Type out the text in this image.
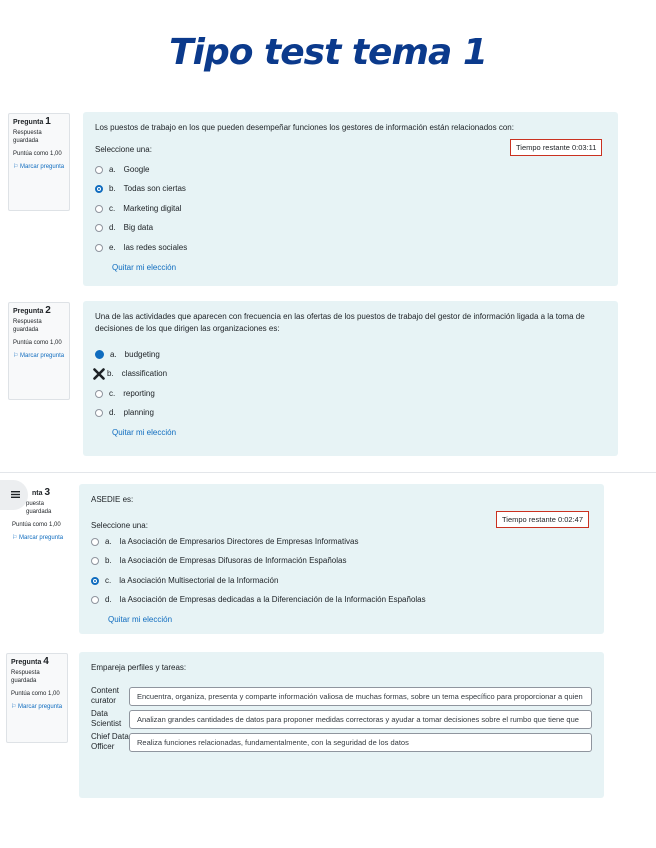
Tipo test tema 1
Pregunta 1
Respuesta guardada
Puntúa como 1,00
⚐ Marcar pregunta
Los puestos de trabajo en los que pueden desempeñar funciones los gestores de información están relacionados con:
Seleccione una:
a. Google
b. Todas son ciertas
c. Marketing digital
d. Big data
e. las redes sociales
Quitar mi elección
Tiempo restante 0:03:11
Pregunta 2
Respuesta guardada
Puntúa como 1,00
⚐ Marcar pregunta
Una de las actividades que aparecen con frecuencia en las ofertas de los puestos de trabajo del gestor de información ligada a la toma de decisiones de los que dirigen las organizaciones es:
a. budgeting
b. classification
c. reporting
d. planning
Quitar mi elección
nta 3
puesta guardada
Puntúa como 1,00
⚐ Marcar pregunta
ASEDIE es:
Seleccione una:
a. la Asociación de Empresarios Directores de Empresas Informativas
b. la Asociación de Empresas Difusoras de Información Españolas
c. la Asociación Multisectorial de la Información
d. la Asociación de Empresas dedicadas a la Diferenciación de la Información Españolas
Quitar mi elección
Tiempo restante 0:02:47
Pregunta 4
Respuesta guardada
Puntúa como 1,00
⚐ Marcar pregunta
Empareja perfiles y tareas:
Content curator	Encuentra, organiza, presenta y comparte información valiosa de muchas formas, sobre un tema específico para proporcionar a quien
Data Scientist	Analizan grandes cantidades de datos para proponer medidas correctoras y ayudar a tomar decisiones sobre el rumbo que tiene que
Chief Data Officer	Realiza funciones relacionadas, fundamentalmente, con la seguridad de los datos
